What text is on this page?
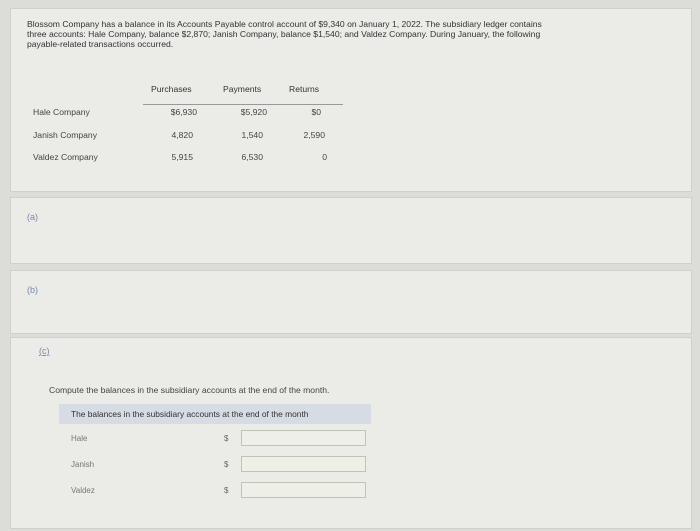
Blossom Company has a balance in its Accounts Payable control account of $9,340 on January 1, 2022. The subsidiary ledger contains
three accounts: Hale Company, balance $2,870; Janish Company, balance $1,540; and Valdez Company. During January, the following
payable-related transactions occurred.
Purchases	Payments	Returns
Hale Company	$6,930	$5,920	$0
Janish Company	4,820	1,540	2,590
Valdez Company	5,915	6,530	0
(a)
(b)
(c)
Compute the balances in the subsidiary accounts at the end of the month.
The balances in the subsidiary accounts at the end of the month
Hale	$
Janish	$
Valdez	$
